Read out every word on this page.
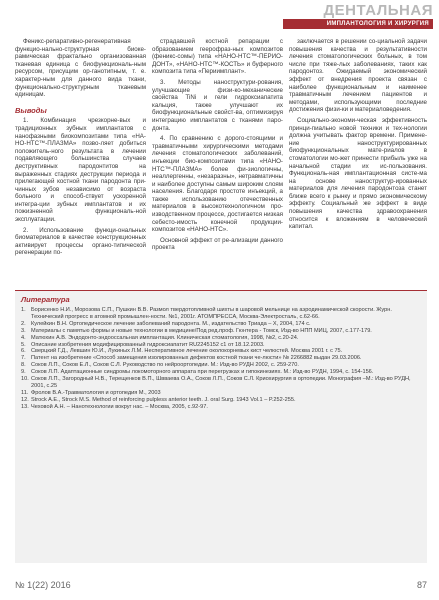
ДЕНТАЛЬНАЯ
ИМПЛАНТОЛОГИЯ И ХИРУРГИЯ

Феникс-репаративно-регенеративная функцио-нально-структурная биоке-рамическая фрактально организованная тканевая единица с биофункциональ-ным ресурсом, присущим ор-ганотипным, т. е. характер-ным для данного вида ткани, функционально-структурным тканевым единицам.

Выводы

1. Комбинация чрезкорне-вых и традиционных зубных имплантатов с нанофазными биокомпозитами типа «НА-НО-НТС™-ПЛАЗМА» позво-ляет добиться положитель-ного результата в лечении подавляющего большинства случаев деструктивных пародонтитов на выраженных стадиях деструкции периода и прилегающей костной ткани пародонта при-чинных зубов независимо от возраста больного и способ-ствует ускоренной интегра-ции зубных имплантатов и их пожизненной функциональ-ной эксплуатации.

2. Использование функци-ональных биоматериалов в качестве конструкционных активирует процессы органо-типической регенерации по-

страдавшей костной репарации с образованием геерофраз-ных композитов (феникс-сомы) типа «НАНО-НТС™-ПЕРИО-ДОНТ», «НАНО-НТС™-КОСТЬ» и буферного композита типа «Периимплант».

3. Методы наноструктури-рования, улучшающие физи-ко-механические свойства TiNi и гели гидроксиапатита кальция, также улучшают их биофункциональные свойст-ва, оптимизируя интеграцию имплантатов с тканями паро-донта.

4. По сравнению с дорого-стоящими и травматичными хирургическими методами лечения стоматологических заболеваний, инъекции био-композитами типа «НАНО-НТС™-ПЛАЗМА» более фи-зиологичны, неаллергенны, «незаразны», нетравматичны и наиболее доступны самым широким слоям населения. Благодаря простоте инъекций, а также использованию отечественных материалов в высокотехнологичном про-изводственном процессе, достигается низкая себесто-имость конечной продукции-композитов «НАНО-НТС».

Основной эффект от ре-ализации данного проекта

заключается в решении со-циальной задачи повышения качества и результативности лечения стоматологических больных, в том числе при тяже-лых заболеваниях, таких как пародонтоз. Ожидаемый экономический эффект от внедрения проекта связан с наиболее функциональным и наименее травматичным лечением пациентов и методами, использующими последние достижения физи-ки и материаловедения.

Социально-экономи-ческая эффективность принци-пиально новой техники и тех-нологии должна учитывать фактор времени. Примене-ние наноструктурированных биофункциональных мате-риалов в стоматологии мо-жет принести прибыль уже на начальной стадии их ис-пользования. Функциональ-ная имплантационная систе-ма на основе наноструктур-ированных материалов для лечения пародонтоза станет ближе всего к рынку и прямо экономическому эффекту. Социальный же эффект в виде повышения качества здравоохранения относится к вложениям в человеческий капитал.

Литература
1. Борисенко Н.И., Морозова С.П., Пушкин В.В. Размол твердотопливной шихты в шаровой мельнице на аэродинамической скорости. Журн. Технический прогресс в атомной промышлен-ности. №1, 2001г. АТОМПРЕССА, Москва-Электросталь, с.62-66.
2. Кулейкин В.Н. Ортопедическое лечение заболеваний пародонта. М., издательство Триада – Х, 2004, 174 с.
3. Материалы с памятью формы и новые технологии в медицине/Под ред.проф. Гюнтера - Томск, Изд-во НПП МИЦ, 2007, с.177-179.
4. Матюхин А.В. Эндодонто-эндооссальная имплантация. Клиническая стоматология, 1998, №2, с.20-24.
5. Описание изобретения модифицированный гидроксиапатит RU2245152 с1 от 18.12.2003.
6. Сверцкий Г.Д., Левшин Ю.И., Лукиных Л.М. Несперативное лечение околокорневых кист челюстей. Москва 2001 г. с 75.
7. Патент на изобретение «Способ замещения изолированных дефектов костной ткани че-люсти» № 2266882 выдан 29.03.2006.
8. Соков Л.П., Соков Е.Л., Соков С.Л. Руководство по нейроортопедии. М.: Изд-во РУДН 2002, с. 259-270.
9. Соков Л.П. Адаптационные синдромы локомоторного аппарата при перегрузках и гипокинезиях. М.: Изд-во РУДН, 1994, с. 154-156.
10. Соков Л.П., Загородный Н.В., Терещенков В.П., Швваева О.А., Соков Л.П., Соков С.Л. Криохирургия в ортопедии. Монография –М.: Изд-во РУДН, 2001, с.25
11. Фролов В.А.-Травматология и ортопедия М., 2003
12. Strock A.E., Strock M.S. Method of reinforcing pulpless anterior teeth. J. oral Surg. 1943 Vol.1 – P.252-255.
13. Чеховой А.Н. – Нанотехнологии вокруг нас. – Москва, 2005, с.92-97.
№ 1(22) 2016	87
